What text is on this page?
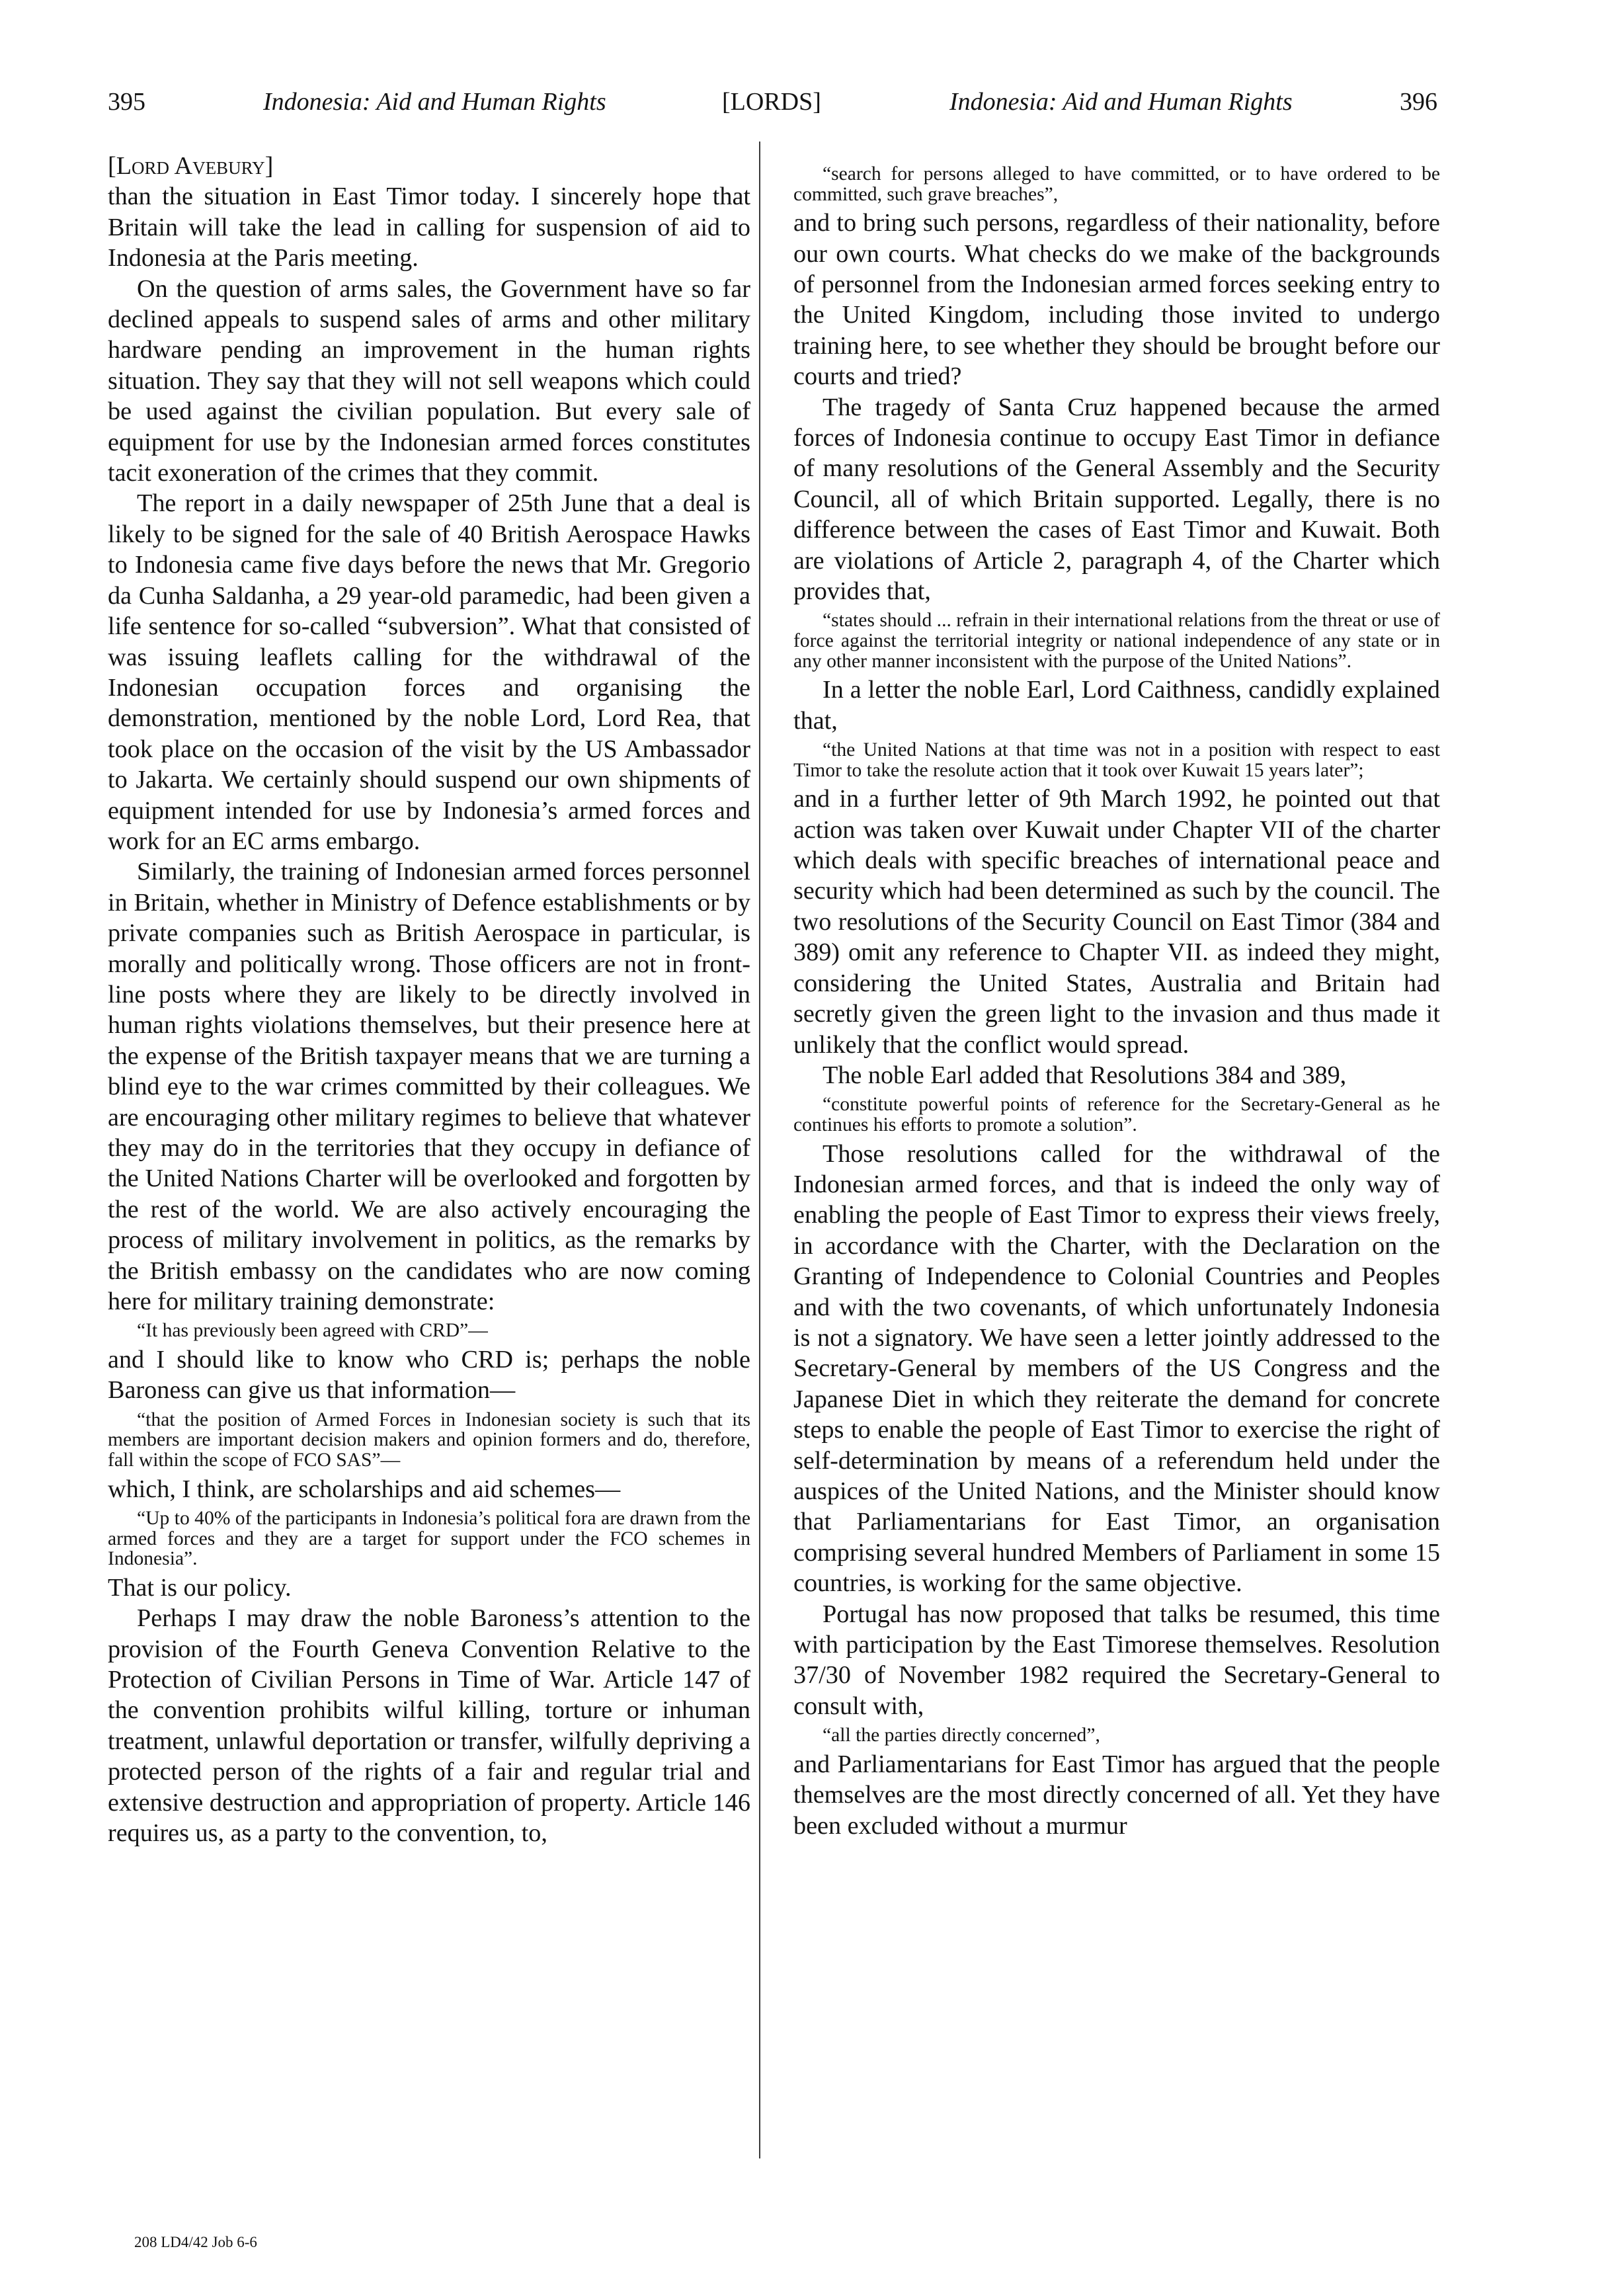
395	Indonesia: Aid and Human Rights	[LORDS]	Indonesia: Aid and Human Rights	396

[Lord Avebury]

than the situation in East Timor today. I sincerely hope that Britain will take the lead in calling for suspension of aid to Indonesia at the Paris meeting.

On the question of arms sales, the Government have so far declined appeals to suspend sales of arms and other military hardware pending an improvement in the human rights situation. They say that they will not sell weapons which could be used against the civilian population. But every sale of equipment for use by the Indonesian armed forces constitutes tacit exoneration of the crimes that they commit.

The report in a daily newspaper of 25th June that a deal is likely to be signed for the sale of 40 British Aerospace Hawks to Indonesia came five days before the news that Mr. Gregorio da Cunha Saldanha, a 29 year-old paramedic, had been given a life sentence for so-called “subversion”. What that consisted of was issuing leaflets calling for the withdrawal of the Indonesian occupation forces and organising the demonstration, mentioned by the noble Lord, Lord Rea, that took place on the occasion of the visit by the US Ambassador to Jakarta. We certainly should suspend our own shipments of equipment intended for use by Indonesia’s armed forces and work for an EC arms embargo.

Similarly, the training of Indonesian armed forces personnel in Britain, whether in Ministry of Defence establishments or by private companies such as British Aerospace in particular, is morally and politically wrong. Those officers are not in front-line posts where they are likely to be directly involved in human rights violations themselves, but their presence here at the expense of the British taxpayer means that we are turning a blind eye to the war crimes committed by their colleagues. We are encouraging other military regimes to believe that whatever they may do in the territories that they occupy in defiance of the United Nations Charter will be overlooked and forgotten by the rest of the world. We are also actively encouraging the process of military involvement in politics, as the remarks by the British embassy on the candidates who are now coming here for military training demonstrate:

“It has previously been agreed with CRD”—

and I should like to know who CRD is; perhaps the noble Baroness can give us that information—

“that the position of Armed Forces in Indonesian society is such that its members are important decision makers and opinion formers and do, therefore, fall within the scope of FCO SAS”—

which, I think, are scholarships and aid schemes—

“Up to 40% of the participants in Indonesia’s political fora are drawn from the armed forces and they are a target for support under the FCO schemes in Indonesia”.

That is our policy.

Perhaps I may draw the noble Baroness’s attention to the provision of the Fourth Geneva Convention Relative to the Protection of Civilian Persons in Time of War. Article 147 of the convention prohibits wilful killing, torture or inhuman treatment, unlawful deportation or transfer, wilfully depriving a protected person of the rights of a fair and regular trial and extensive destruction and appropriation of property. Article 146 requires us, as a party to the convention, to,

“search for persons alleged to have committed, or to have ordered to be committed, such grave breaches”,

and to bring such persons, regardless of their nationality, before our own courts. What checks do we make of the backgrounds of personnel from the Indonesian armed forces seeking entry to the United Kingdom, including those invited to undergo training here, to see whether they should be brought before our courts and tried?

The tragedy of Santa Cruz happened because the armed forces of Indonesia continue to occupy East Timor in defiance of many resolutions of the General Assembly and the Security Council, all of which Britain supported. Legally, there is no difference between the cases of East Timor and Kuwait. Both are violations of Article 2, paragraph 4, of the Charter which provides that,

“states should ... refrain in their international relations from the threat or use of force against the territorial integrity or national independence of any state or in any other manner inconsistent with the purpose of the United Nations”.

In a letter the noble Earl, Lord Caithness, candidly explained that,

“the United Nations at that time was not in a position with respect to east Timor to take the resolute action that it took over Kuwait 15 years later”;

and in a further letter of 9th March 1992, he pointed out that action was taken over Kuwait under Chapter VII of the charter which deals with specific breaches of international peace and security which had been determined as such by the council. The two resolutions of the Security Council on East Timor (384 and 389) omit any reference to Chapter VII. as indeed they might, considering the United States, Australia and Britain had secretly given the green light to the invasion and thus made it unlikely that the conflict would spread.

The noble Earl added that Resolutions 384 and 389,

“constitute powerful points of reference for the Secretary-General as he continues his efforts to promote a solution”.

Those resolutions called for the withdrawal of the Indonesian armed forces, and that is indeed the only way of enabling the people of East Timor to express their views freely, in accordance with the Charter, with the Declaration on the Granting of Independence to Colonial Countries and Peoples and with the two covenants, of which unfortunately Indonesia is not a signatory. We have seen a letter jointly addressed to the Secretary-General by members of the US Congress and the Japanese Diet in which they reiterate the demand for concrete steps to enable the people of East Timor to exercise the right of self-determination by means of a referendum held under the auspices of the United Nations, and the Minister should know that Parliamentarians for East Timor, an organisation comprising several hundred Members of Parliament in some 15 countries, is working for the same objective.

Portugal has now proposed that talks be resumed, this time with participation by the East Timorese themselves. Resolution 37/30 of November 1982 required the Secretary-General to consult with,

“all the parties directly concerned”,

and Parliamentarians for East Timor has argued that the people themselves are the most directly concerned of all. Yet they have been excluded without a murmur

208 LD4/42 Job 6-6
